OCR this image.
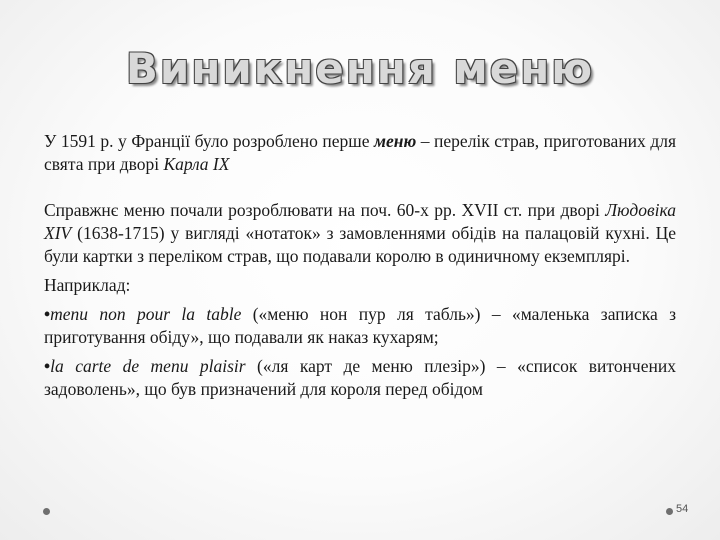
Виникнення меню

У 1591 р. у Франції було розроблено перше меню – перелік страв, приготованих для свята при дворі Карла IX

Справжнє меню почали розроблювати на поч. 60-х рр. XVII ст. при дворі Людовіка XIV (1638-1715) у вигляді «нотаток» з замовленнями обідів на палацовій кухні. Це були картки з переліком страв, що подавали королю в одиничному екземплярі.

Наприклад:

•menu non pour la table («меню нон пур ля табль») – «маленька записка з приготування обіду», що подавали як наказ кухарям;

•la carte de menu plaisir («ля карт де меню плезір») – «список витончених задоволень», що був призначений для короля перед обідом

54
